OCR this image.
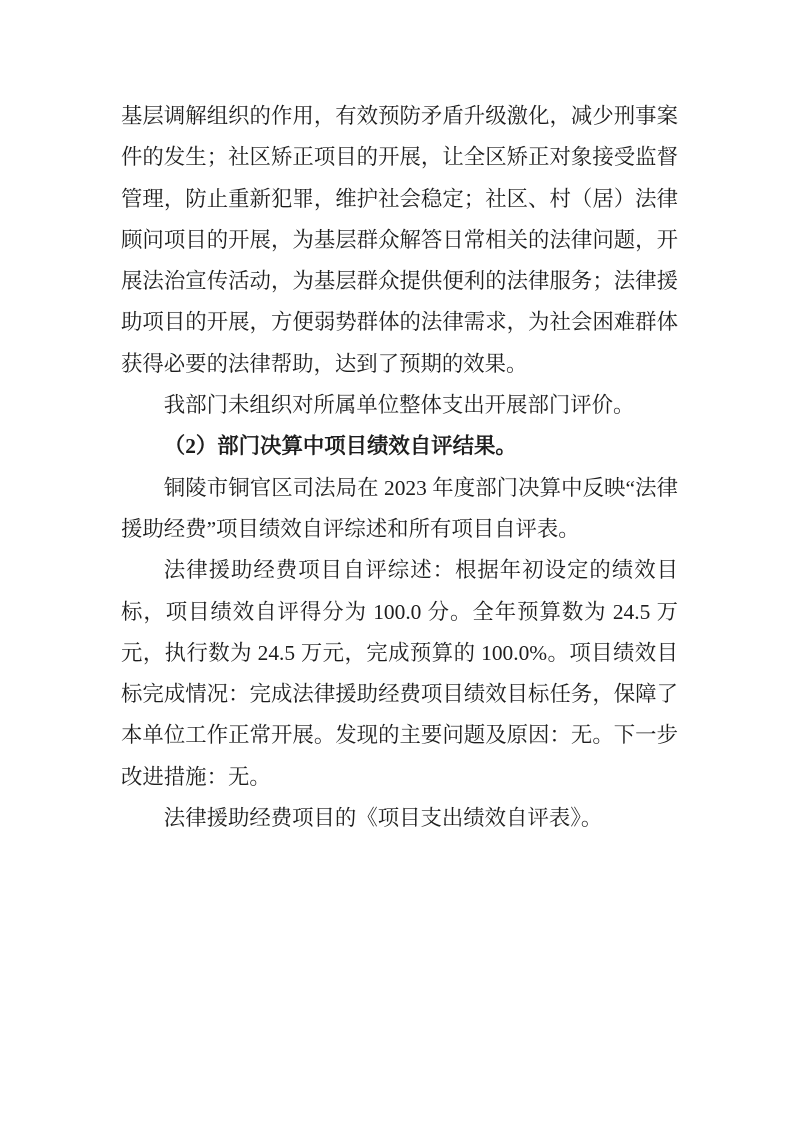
基层调解组织的作用，有效预防矛盾升级激化，减少刑事案件的发生；社区矫正项目的开展，让全区矫正对象接受监督管理，防止重新犯罪，维护社会稳定；社区、村（居）法律顾问项目的开展，为基层群众解答日常相关的法律问题，开展法治宣传活动，为基层群众提供便利的法律服务；法律援助项目的开展，方便弱势群体的法律需求，为社会困难群体获得必要的法律帮助，达到了预期的效果。

我部门未组织对所属单位整体支出开展部门评价。

（2）部门决算中项目绩效自评结果。

铜陵市铜官区司法局在 2023 年度部门决算中反映“法律援助经费”项目绩效自评综述和所有项目自评表。

法律援助经费项目自评综述：根据年初设定的绩效目标，项目绩效自评得分为 100.0 分。全年预算数为 24.5 万元，执行数为 24.5 万元，完成预算的 100.0%。项目绩效目标完成情况：完成法律援助经费项目绩效目标任务，保障了本单位工作正常开展。发现的主要问题及原因：无。下一步改进措施：无。

法律援助经费项目的《项目支出绩效自评表》。
